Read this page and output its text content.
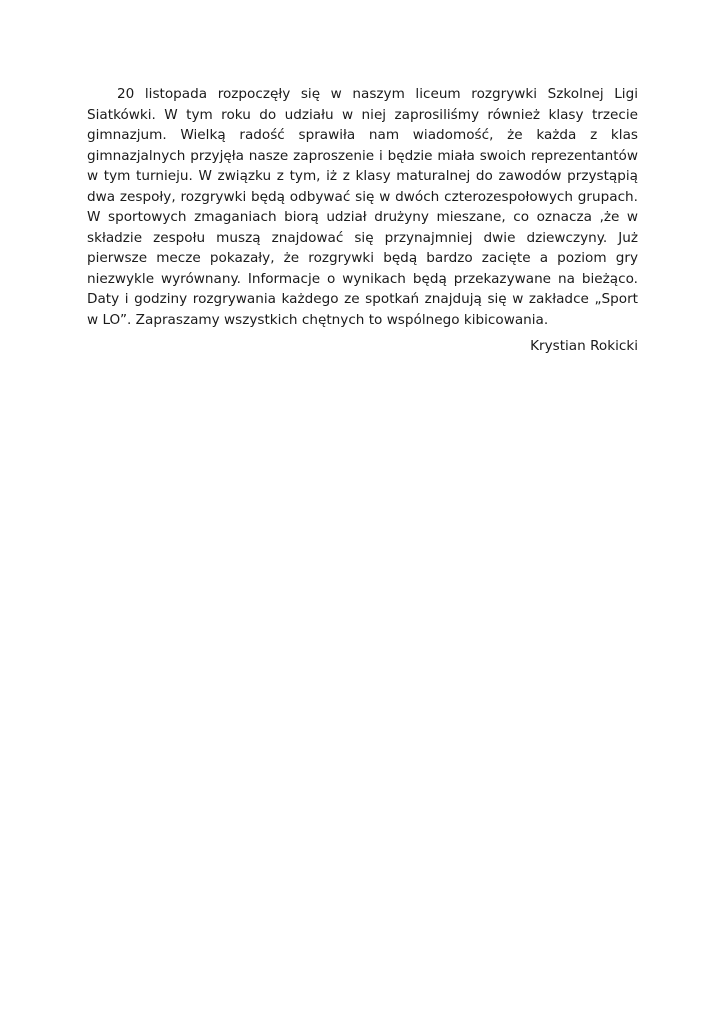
20 listopada rozpoczęły się w naszym liceum rozgrywki Szkolnej Ligi Siatkówki. W tym roku do udziału w niej zaprosiliśmy również klasy trzecie gimnazjum. Wielką radość sprawiła nam wiadomość, że każda z klas gimnazjalnych przyjęła nasze zaproszenie i będzie miała swoich reprezentantów w tym turnieju. W związku z tym, iż z klasy maturalnej do zawodów przystąpią dwa zespoły, rozgrywki będą odbywać się w dwóch czterozespołowych grupach. W sportowych zmaganiach biorą udział drużyny mieszane, co oznacza ‚że w składzie zespołu muszą znajdować się przynajmniej dwie dziewczyny. Już pierwsze mecze pokazały, że rozgrywki będą bardzo zacięte a poziom gry niezwykle wyrównany. Informacje o wynikach będą przekazywane na bieżąco. Daty i godziny rozgrywania każdego ze spotkań znajdują się w zakładce „Sport w LO”. Zapraszamy wszystkich chętnych to wspólnego kibicowania.

Krystian Rokicki
